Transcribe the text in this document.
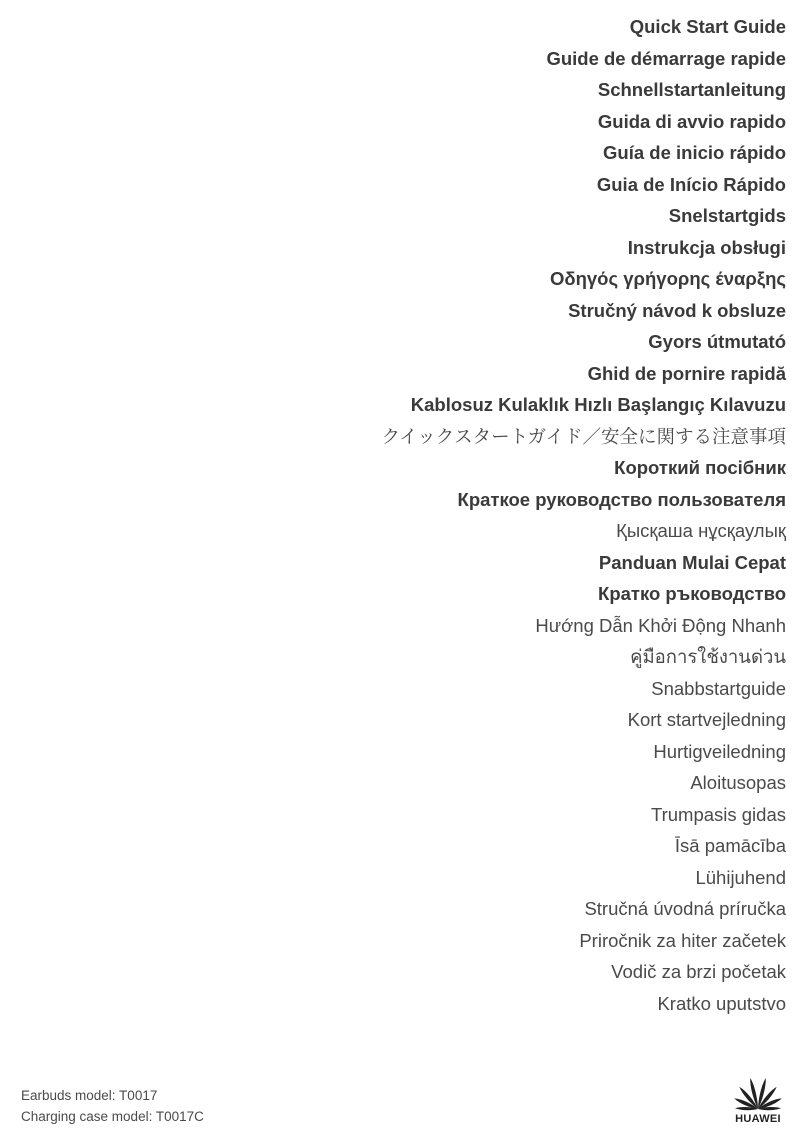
Quick Start Guide
Guide de démarrage rapide
Schnellstartanleitung
Guida di avvio rapido
Guía de inicio rápido
Guia de Início Rápido
Snelstartgids
Instrukcja obsługi
Οδηγός γρήγορης έναρξης
Stručný návod k obsluze
Gyors útmutató
Ghid de pornire rapidă
Kablosuz Kulaklık Hızlı Başlangıç Kılavuzu
クイックスタートガイド／安全に関する注意事項
Короткий посібник
Краткое руководство пользователя
Қысқаша нұсқаулық
Panduan Mulai Cepat
Кратко ръководство
Hướng Dẫn Khởi Động Nhanh
คู่มือการใช้งานด่วน
Snabbstartguide
Kort startvejledning
Hurtigveiledning
Aloitusopas
Trumpasis gidas
Īsā pamācība
Lühijuhend
Stručná úvodná príručka
Priročnik za hiter začetek
Vodič za brzi početak
Kratko uputstvo
Earbuds model: T0017
Charging case model: T0017C	HUAWEI
